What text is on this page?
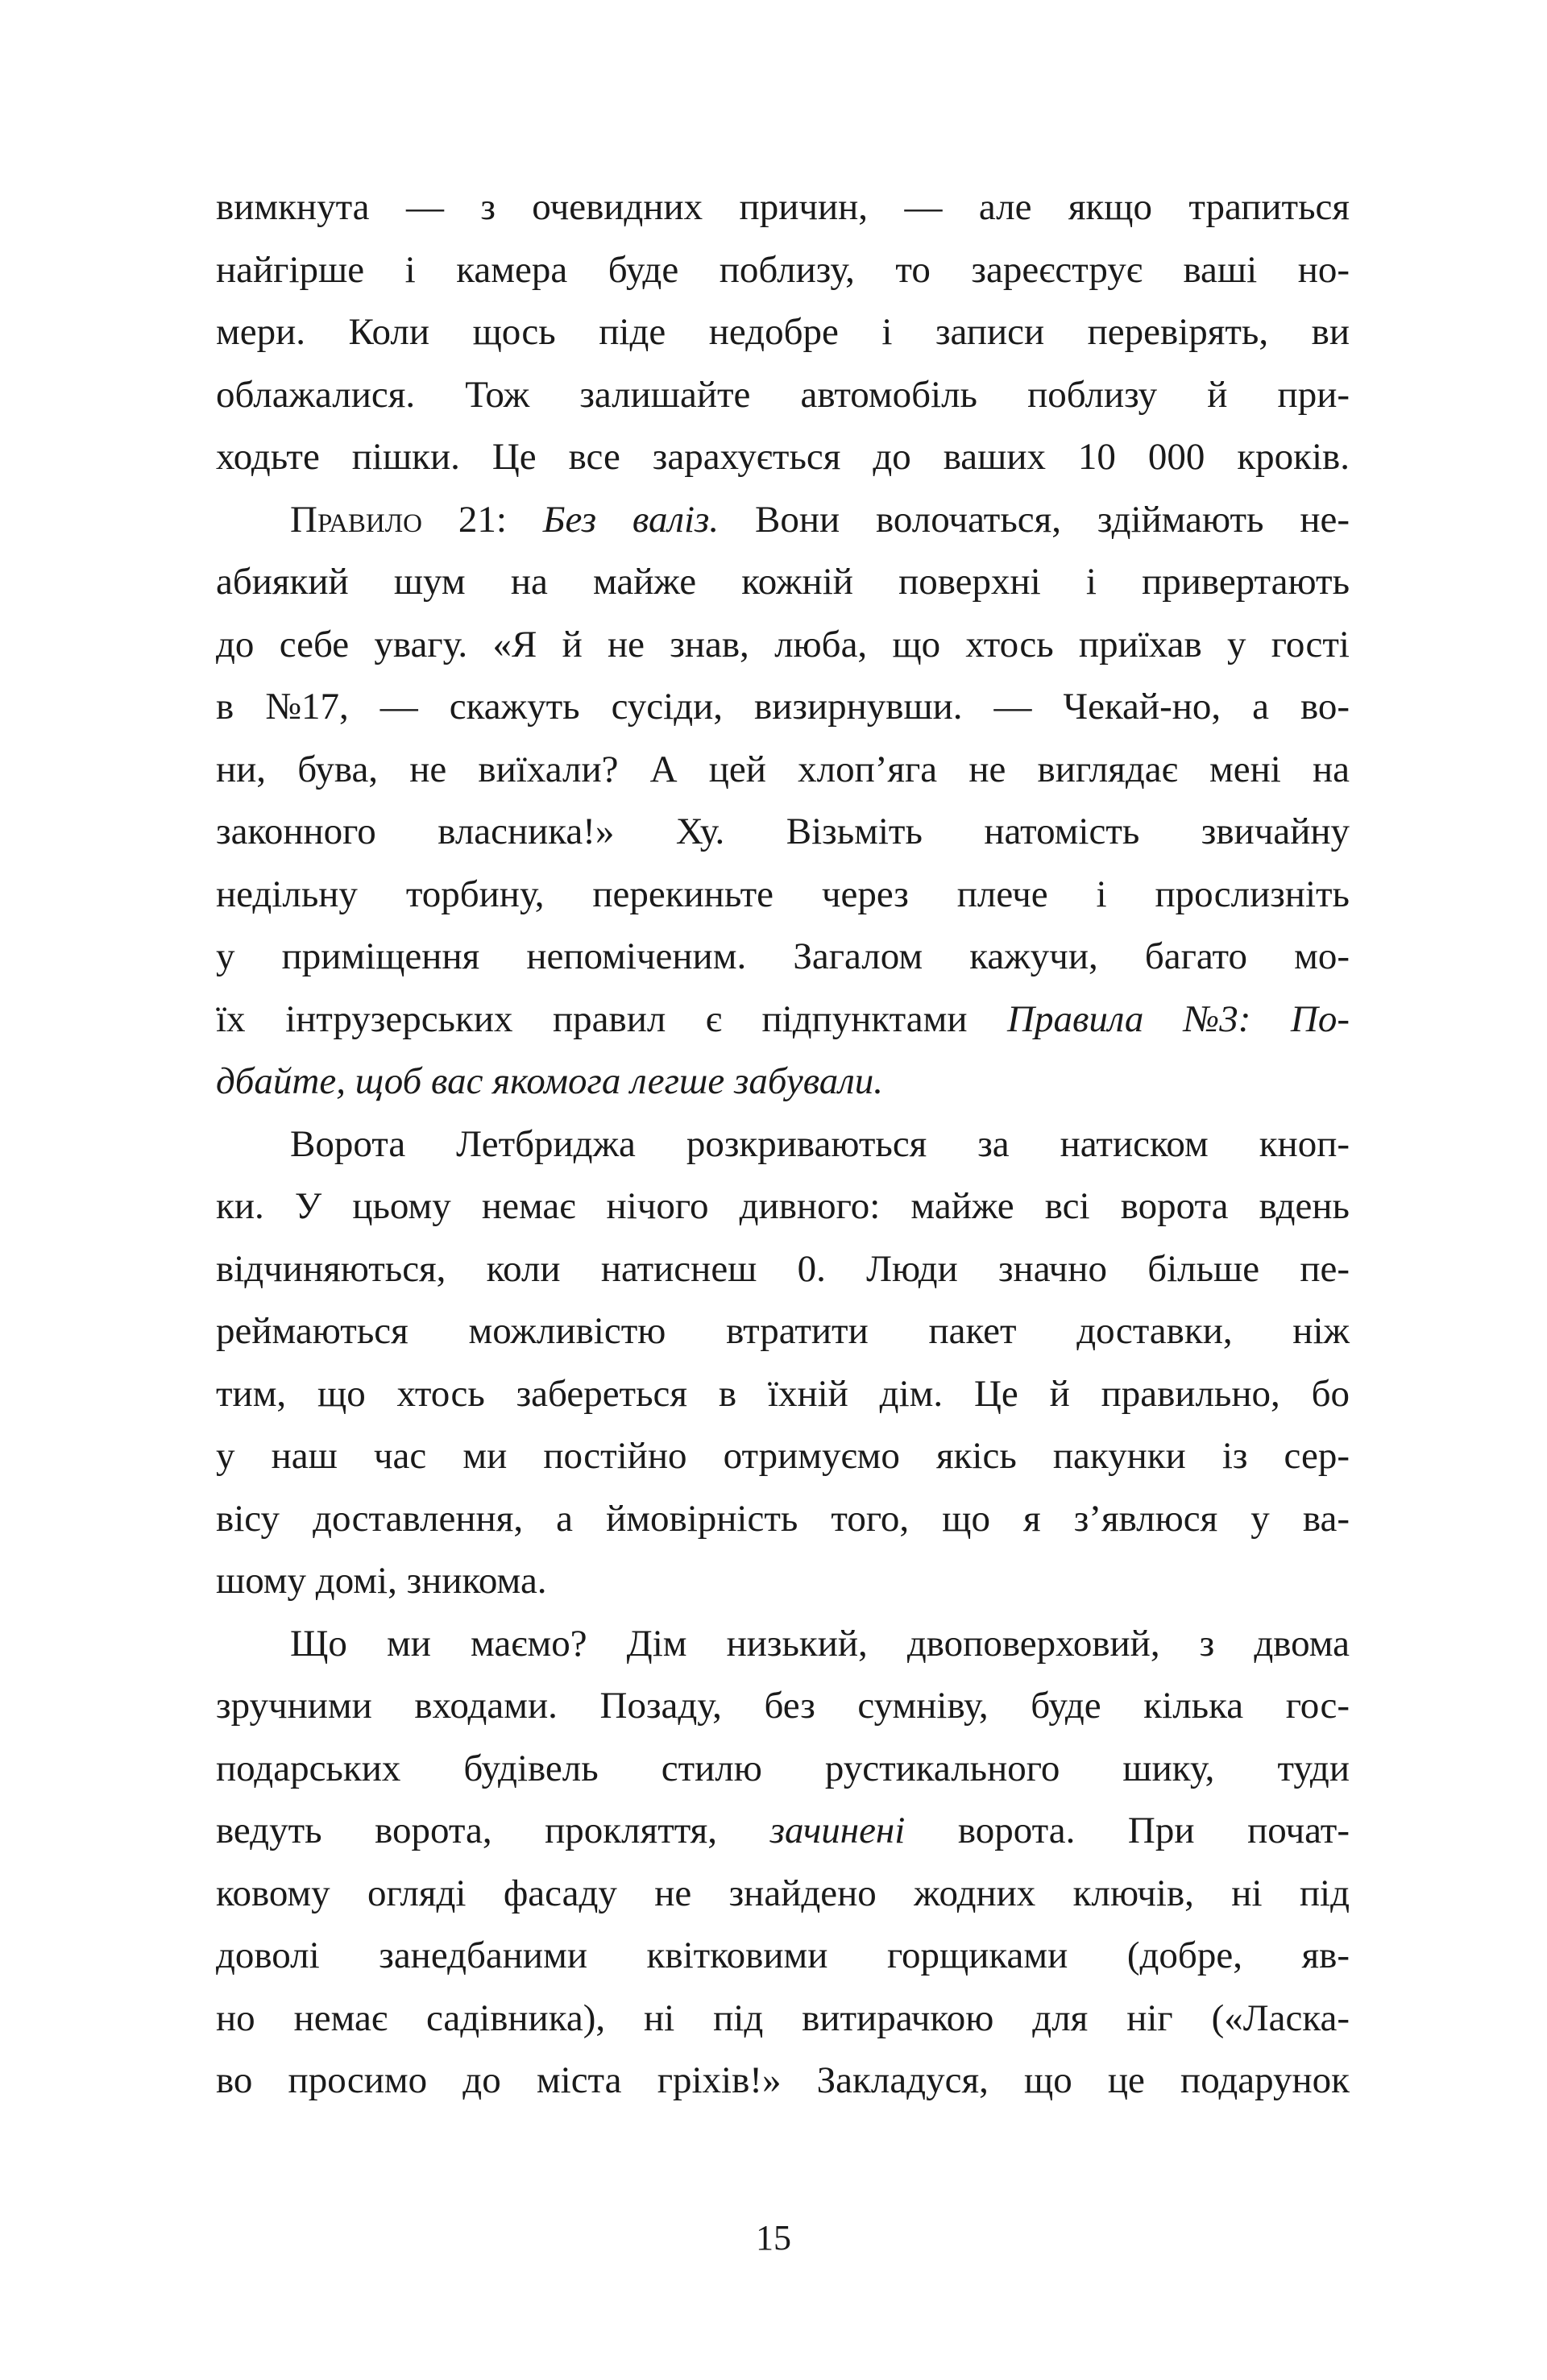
вимкнута — з очевидних причин, — але якщо трапиться
найгірше і камера буде поблизу, то зареєструє ваші но-
мери. Коли щось піде недобре і записи перевірять, ви
облажалися. Тож залишайте автомобіль поблизу й при-
ходьте пішки. Це все зарахується до ваших 10 000 кроків.
Правило 21: Без валіз. Вони волочаться, здіймають не-
абиякий шум на майже кожній поверхні і привертають
до себе увагу. «Я й не знав, люба, що хтось приїхав у гості
в №17, — скажуть сусіди, визирнувши. — Чекай-но, а во-
ни, бува, не виїхали? А цей хлоп’яга не виглядає мені на
законного власника!» Ху. Візьміть натомість звичайну
недільну торбину, перекиньте через плече і прослизніть
у приміщення непоміченим. Загалом кажучи, багато мо-
їх інтрузерських правил є підпунктами Правила №3: По-
дбайте, щоб вас якомога легше забували.
Ворота Летбриджа розкриваються за натиском кноп-
ки. У цьому немає нічого дивного: майже всі ворота вдень
відчиняються, коли натиснеш 0. Люди значно більше пе-
реймаються можливістю втратити пакет доставки, ніж
тим, що хтось забереться в їхній дім. Це й правильно, бо
у наш час ми постійно отримуємо якісь пакунки із сер-
вісу доставлення, а ймовірність того, що я з’явлюся у ва-
шому домі, зникома.
Що ми маємо? Дім низький, двоповерховий, з двома
зручними входами. Позаду, без сумніву, буде кілька гос-
подарських будівель стилю рустикального шику, туди
ведуть ворота, прокляття, зачинені ворота. При почат-
ковому огляді фасаду не знайдено жодних ключів, ні під
доволі занедбаними квітковими горщиками (добре, яв-
но немає садівника), ні під витирачкою для ніг («Ласка-
во просимо до міста гріхів!» Закладуся, що це подарунок
15
